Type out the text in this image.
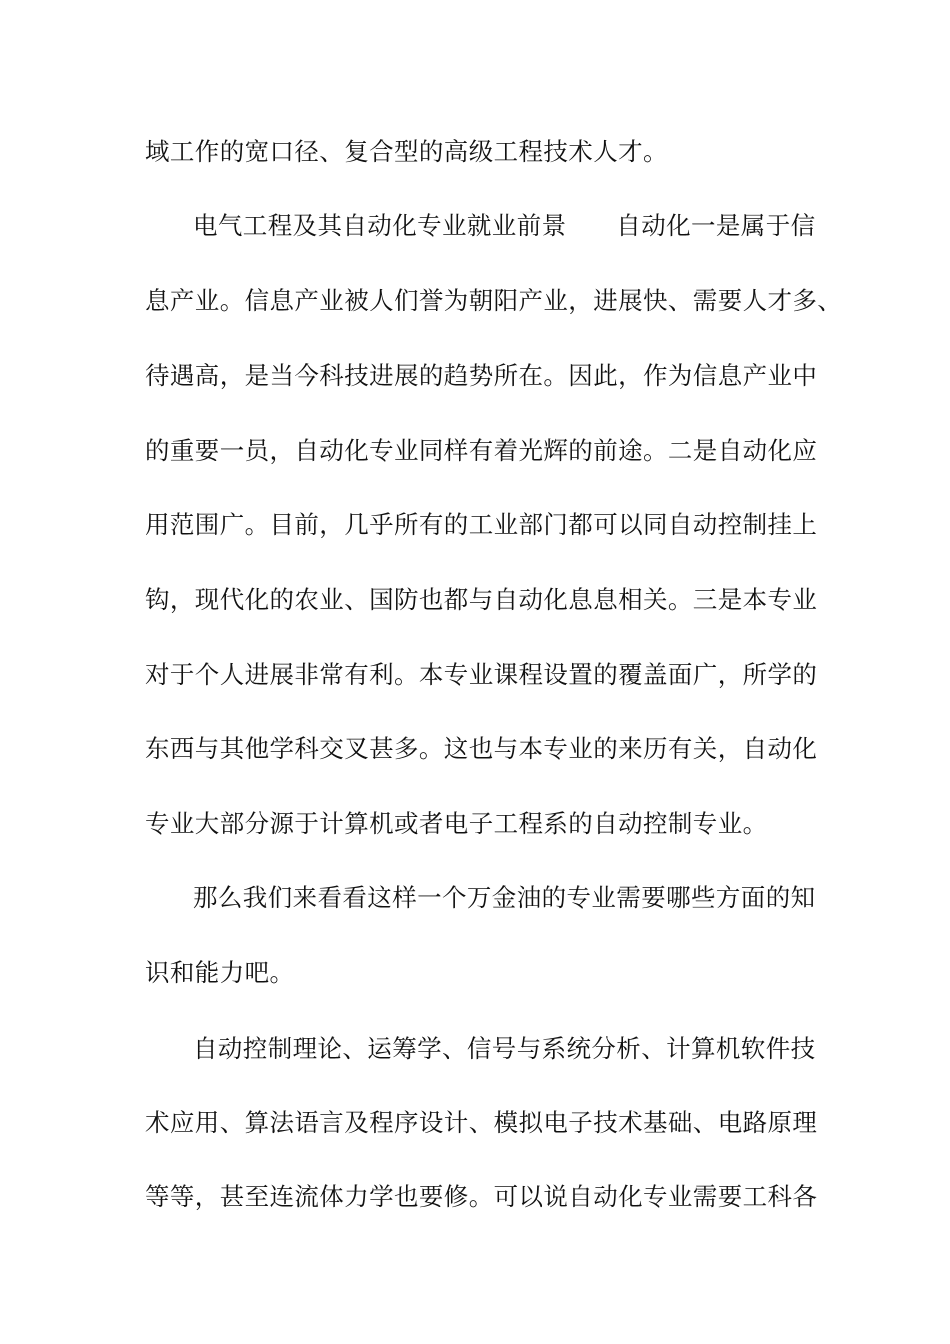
域工作的宽口径、复合型的高级工程技术人才。

电气工程及其自动化专业就业前景　　自动化一是属于信

息产业。信息产业被人们誉为朝阳产业，进展快、需要人才多、

待遇高，是当今科技进展的趋势所在。因此，作为信息产业中

的重要一员，自动化专业同样有着光辉的前途。二是自动化应

用范围广。目前，几乎所有的工业部门都可以同自动控制挂上

钩，现代化的农业、国防也都与自动化息息相关。三是本专业

对于个人进展非常有利。本专业课程设置的覆盖面广，所学的

东西与其他学科交叉甚多。这也与本专业的来历有关，自动化

专业大部分源于计算机或者电子工程系的自动控制专业。

那么我们来看看这样一个万金油的专业需要哪些方面的知

识和能力吧。

自动控制理论、运筹学、信号与系统分析、计算机软件技

术应用、算法语言及程序设计、模拟电子技术基础、电路原理

等等，甚至连流体力学也要修。可以说自动化专业需要工科各
